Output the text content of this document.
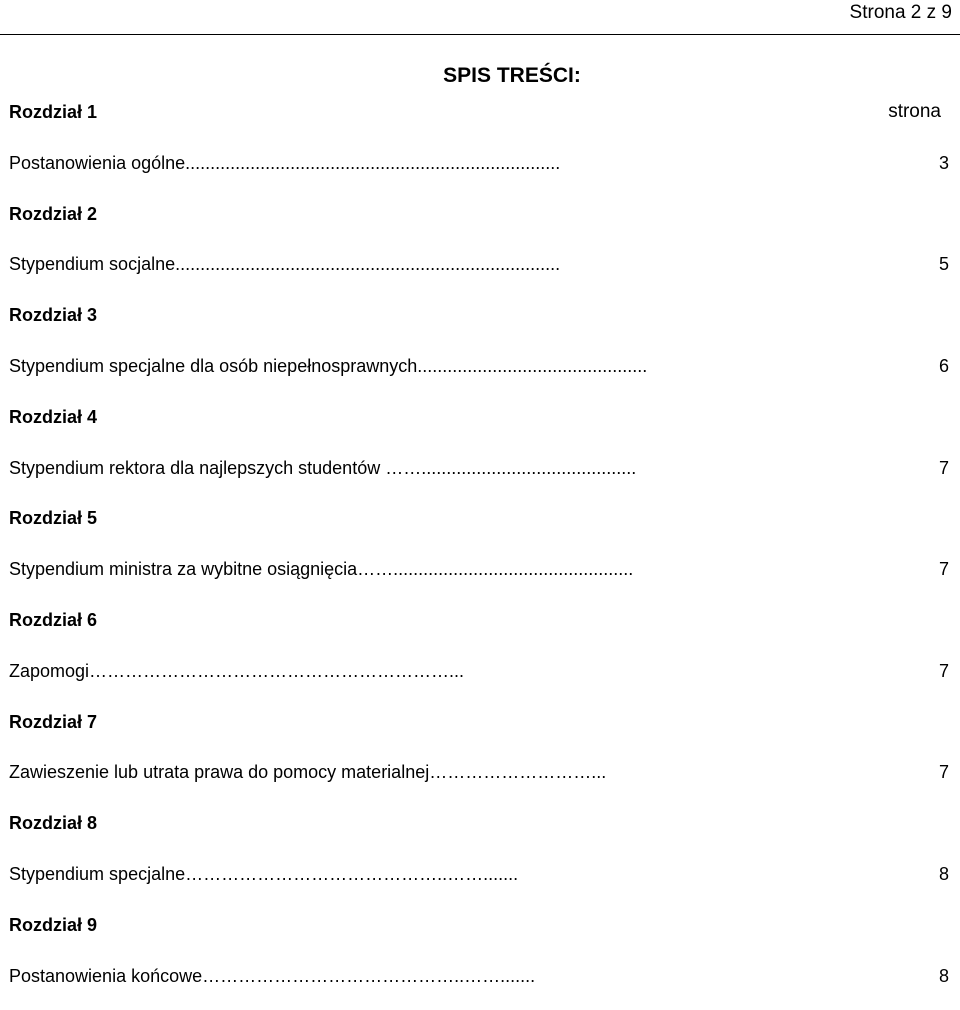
Strona 2 z 9
SPIS TREŚCI:
Rozdział 1	strona
Postanowienia ogólne...........................................................................	3
Rozdział 2
Stypendium socjalne.............................................................................	5
Rozdział 3
Stypendium specjalne dla osób niepełnosprawnych..............................................	6
Rozdział 4
Stypendium rektora dla najlepszych studentów ……...........................................	7
Rozdział 5
Stypendium ministra za wybitne osiągnięcia……................................................	7
Rozdział 6
Zapomogi……………………………………………………...	7
Rozdział 7
Zawieszenie lub utrata prawa do pomocy materialnej………………………...	7
Rozdział 8
Stypendium specjalne……………………………………..…….......	8
Rozdział 9
Postanowienia końcowe……………………………………..…….......	8
